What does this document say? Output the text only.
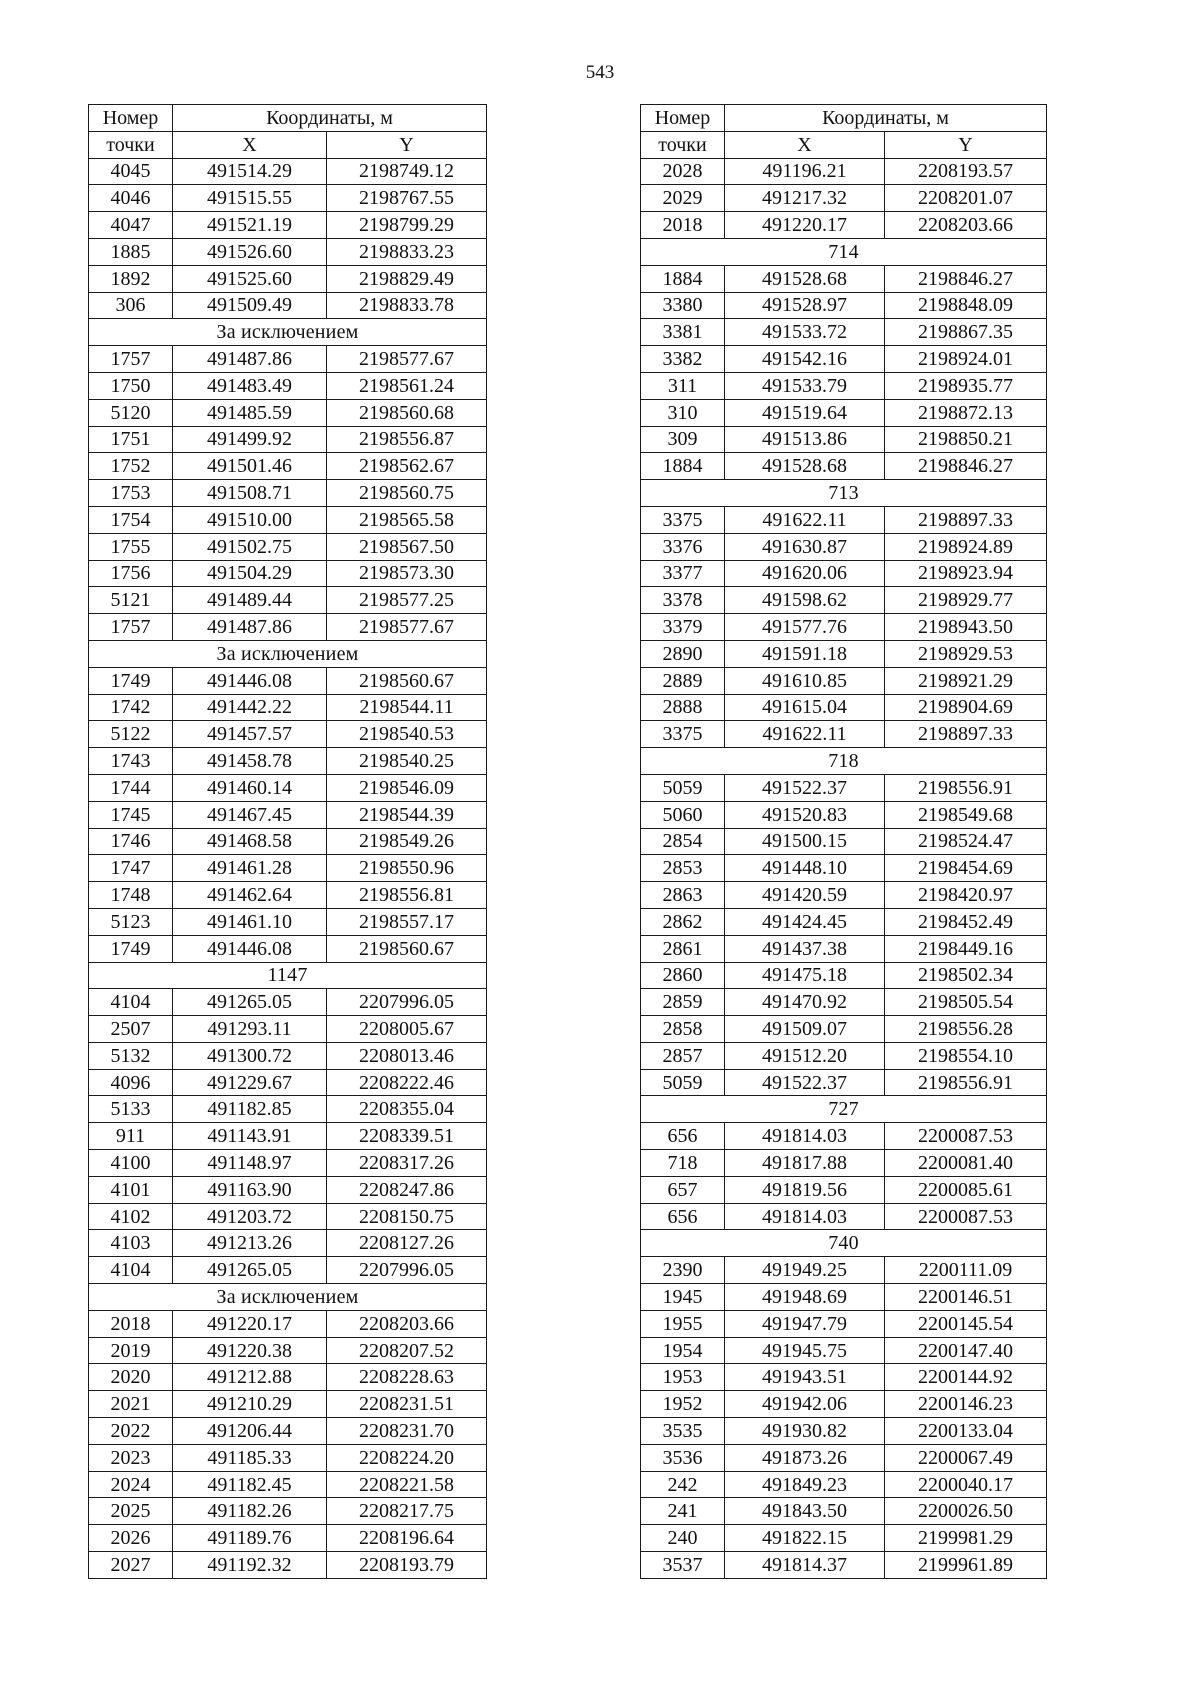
543
Номер	Координаты, м	
точки	X	Y
4045	491514.29	2198749.12
4046	491515.55	2198767.55
4047	491521.19	2198799.29
1885	491526.60	2198833.23
1892	491525.60	2198829.49
306	491509.49	2198833.78
За исключением		
1757	491487.86	2198577.67
1750	491483.49	2198561.24
5120	491485.59	2198560.68
1751	491499.92	2198556.87
1752	491501.46	2198562.67
1753	491508.71	2198560.75
1754	491510.00	2198565.58
1755	491502.75	2198567.50
1756	491504.29	2198573.30
5121	491489.44	2198577.25
1757	491487.86	2198577.67
За исключением		
1749	491446.08	2198560.67
1742	491442.22	2198544.11
5122	491457.57	2198540.53
1743	491458.78	2198540.25
1744	491460.14	2198546.09
1745	491467.45	2198544.39
1746	491468.58	2198549.26
1747	491461.28	2198550.96
1748	491462.64	2198556.81
5123	491461.10	2198557.17
1749	491446.08	2198560.67
1147		
4104	491265.05	2207996.05
2507	491293.11	2208005.67
5132	491300.72	2208013.46
4096	491229.67	2208222.46
5133	491182.85	2208355.04
911	491143.91	2208339.51
4100	491148.97	2208317.26
4101	491163.90	2208247.86
4102	491203.72	2208150.75
4103	491213.26	2208127.26
4104	491265.05	2207996.05
За исключением		
2018	491220.17	2208203.66
2019	491220.38	2208207.52
2020	491212.88	2208228.63
2021	491210.29	2208231.51
2022	491206.44	2208231.70
2023	491185.33	2208224.20
2024	491182.45	2208221.58
2025	491182.26	2208217.75
2026	491189.76	2208196.64
2027	491192.32	2208193.79
Номер	Координаты, м	
точки	X	Y
2028	491196.21	2208193.57
2029	491217.32	2208201.07
2018	491220.17	2208203.66
714		
1884	491528.68	2198846.27
3380	491528.97	2198848.09
3381	491533.72	2198867.35
3382	491542.16	2198924.01
311	491533.79	2198935.77
310	491519.64	2198872.13
309	491513.86	2198850.21
1884	491528.68	2198846.27
713		
3375	491622.11	2198897.33
3376	491630.87	2198924.89
3377	491620.06	2198923.94
3378	491598.62	2198929.77
3379	491577.76	2198943.50
2890	491591.18	2198929.53
2889	491610.85	2198921.29
2888	491615.04	2198904.69
3375	491622.11	2198897.33
718		
5059	491522.37	2198556.91
5060	491520.83	2198549.68
2854	491500.15	2198524.47
2853	491448.10	2198454.69
2863	491420.59	2198420.97
2862	491424.45	2198452.49
2861	491437.38	2198449.16
2860	491475.18	2198502.34
2859	491470.92	2198505.54
2858	491509.07	2198556.28
2857	491512.20	2198554.10
5059	491522.37	2198556.91
727		
656	491814.03	2200087.53
718	491817.88	2200081.40
657	491819.56	2200085.61
656	491814.03	2200087.53
740		
2390	491949.25	2200111.09
1945	491948.69	2200146.51
1955	491947.79	2200145.54
1954	491945.75	2200147.40
1953	491943.51	2200144.92
1952	491942.06	2200146.23
3535	491930.82	2200133.04
3536	491873.26	2200067.49
242	491849.23	2200040.17
241	491843.50	2200026.50
240	491822.15	2199981.29
3537	491814.37	2199961.89
